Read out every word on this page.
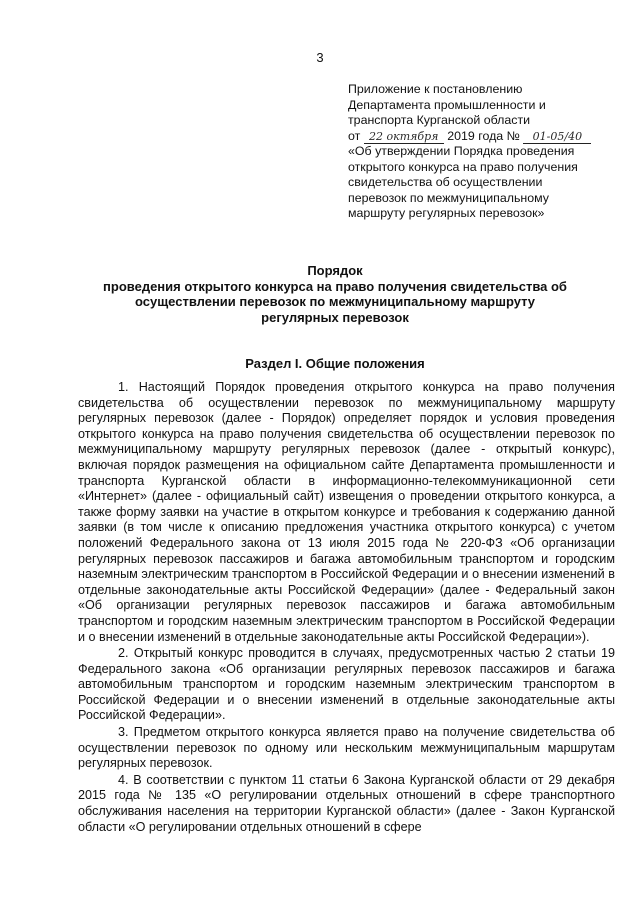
3
Приложение к постановлению
Департамента промышленности и
транспорта Курганской области
от 22 октября 2019 года № 01-05/40
«Об утверждении Порядка проведения
открытого конкурса на право получения
свидетельства об осуществлении
перевозок по межмуниципальному
маршруту регулярных перевозок»
Порядок
проведения открытого конкурса на право получения свидетельства об
осуществлении перевозок по межмуниципальному маршруту
регулярных перевозок
Раздел I. Общие положения

1. Настоящий Порядок проведения открытого конкурса на право получения свидетельства об осуществлении перевозок по межмуниципальному маршруту регулярных перевозок (далее - Порядок) определяет порядок и условия проведения открытого конкурса на право получения свидетельства об осуществлении перевозок по межмуниципальному маршруту регулярных перевозок (далее - открытый конкурс), включая порядок размещения на официальном сайте Департамента промышленности и транспорта Курганской области в информационно-телекоммуникационной сети «Интернет» (далее - официальный сайт) извещения о проведении открытого конкурса, а также форму заявки на участие в открытом конкурсе и требования к содержанию данной заявки (в том числе к описанию предложения участника открытого конкурса) с учетом положений Федерального закона от 13 июля 2015 года № 220-ФЗ «Об организации регулярных перевозок пассажиров и багажа автомобильным транспортом и городским наземным электрическим транспортом в Российской Федерации и о внесении изменений в отдельные законодательные акты Российской Федерации» (далее - Федеральный закон «Об организации регулярных перевозок пассажиров и багажа автомобильным транспортом и городским наземным электрическим транспортом в Российской Федерации и о внесении изменений в отдельные законодательные акты Российской Федерации»).

2. Открытый конкурс проводится в случаях, предусмотренных частью 2 статьи 19 Федерального закона «Об организации регулярных перевозок пассажиров и багажа автомобильным транспортом и городским наземным электрическим транспортом в Российской Федерации и о внесении изменений в отдельные законодательные акты Российской Федерации».

3. Предметом открытого конкурса является право на получение свидетельства об осуществлении перевозок по одному или нескольким межмуниципальным маршрутам регулярных перевозок.

4. В соответствии с пунктом 11 статьи 6 Закона Курганской области от 29 декабря 2015 года № 135 «О регулировании отдельных отношений в сфере транспортного обслуживания населения на территории Курганской области» (далее - Закон Курганской области «О регулировании отдельных отношений в сфере
